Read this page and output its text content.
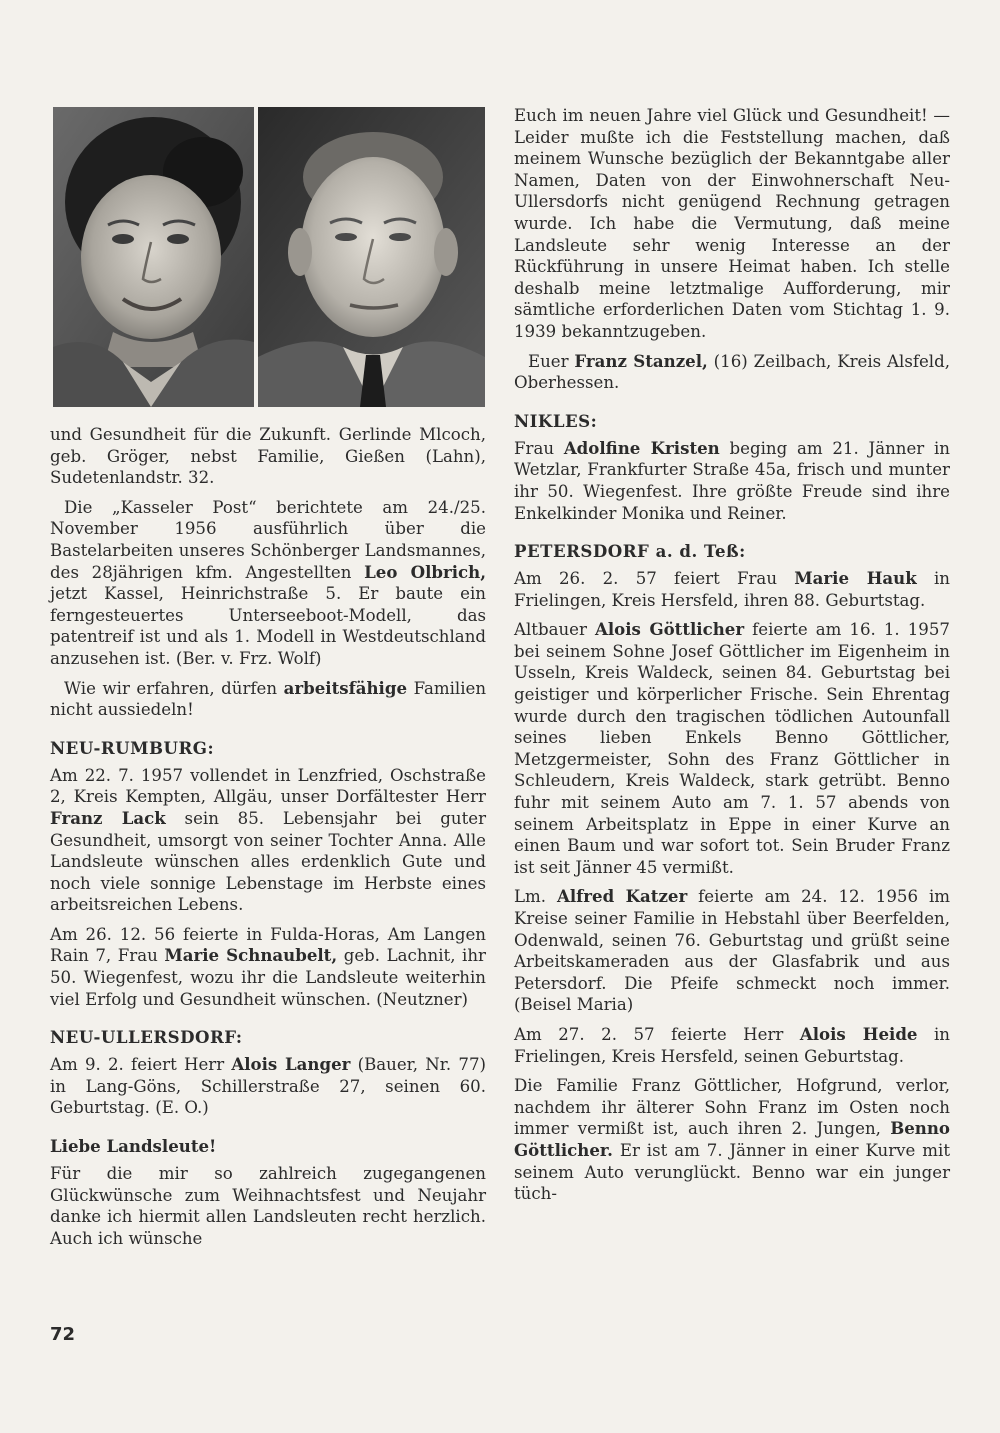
und Gesundheit für die Zukunft. Gerlinde Mlcoch, geb. Gröger, nebst Familie, Gießen (Lahn), Sudetenlandstr. 32.

Die „Kasseler Post“ berichtete am 24./25. November 1956 ausführlich über die Bastelarbeiten unseres Schönberger Landsmannes, des 28jährigen kfm. Angestellten Leo Olbrich, jetzt Kassel, Heinrichstraße 5. Er baute ein ferngesteuertes Unterseeboot-Modell, das patentreif ist und als 1. Modell in Westdeutschland anzusehen ist. (Ber. v. Frz. Wolf)

Wie wir erfahren, dürfen arbeitsfähige Familien nicht aussiedeln!

NEU-RUMBURG:

Am 22. 7. 1957 vollendet in Lenzfried, Oschstraße 2, Kreis Kempten, Allgäu, unser Dorfältester Herr Franz Lack sein 85. Lebensjahr bei guter Gesundheit, umsorgt von seiner Tochter Anna. Alle Landsleute wünschen alles erdenklich Gute und noch viele sonnige Lebenstage im Herbste eines arbeitsreichen Lebens.

Am 26. 12. 56 feierte in Fulda-Horas, Am Langen Rain 7, Frau Marie Schnaubelt, geb. Lachnit, ihr 50. Wiegenfest, wozu ihr die Landsleute weiterhin viel Erfolg und Gesundheit wünschen. (Neutzner)

NEU-ULLERSDORF:

Am 9. 2. feiert Herr Alois Langer (Bauer, Nr. 77) in Lang-Göns, Schillerstraße 27, seinen 60. Geburtstag. (E. O.)

Liebe Landsleute!

Für die mir so zahlreich zugegangenen Glückwünsche zum Weihnachtsfest und Neujahr danke ich hiermit allen Landsleuten recht herzlich. Auch ich wünsche

Euch im neuen Jahre viel Glück und Gesundheit! — Leider mußte ich die Feststellung machen, daß meinem Wunsche bezüglich der Bekanntgabe aller Namen, Daten von der Einwohnerschaft Neu-Ullersdorfs nicht genügend Rechnung getragen wurde. Ich habe die Vermutung, daß meine Landsleute sehr wenig Interesse an der Rückführung in unsere Heimat haben. Ich stelle deshalb meine letztmalige Aufforderung, mir sämtliche erforderlichen Daten vom Stichtag 1. 9. 1939 bekanntzugeben.

Euer Franz Stanzel, (16) Zeilbach, Kreis Alsfeld, Oberhessen.

NIKLES:

Frau Adolfine Kristen beging am 21. Jänner in Wetzlar, Frankfurter Straße 45a, frisch und munter ihr 50. Wiegenfest. Ihre größte Freude sind ihre Enkelkinder Monika und Reiner.

PETERSDORF a. d. Teß:

Am 26. 2. 57 feiert Frau Marie Hauk in Frielingen, Kreis Hersfeld, ihren 88. Geburtstag.

Altbauer Alois Göttlicher feierte am 16. 1. 1957 bei seinem Sohne Josef Göttlicher im Eigenheim in Usseln, Kreis Waldeck, seinen 84. Geburtstag bei geistiger und körperlicher Frische. Sein Ehrentag wurde durch den tragischen tödlichen Autounfall seines lieben Enkels Benno Göttlicher, Metzgermeister, Sohn des Franz Göttlicher in Schleudern, Kreis Waldeck, stark getrübt. Benno fuhr mit seinem Auto am 7. 1. 57 abends von seinem Arbeitsplatz in Eppe in einer Kurve an einen Baum und war sofort tot. Sein Bruder Franz ist seit Jänner 45 vermißt.

Lm. Alfred Katzer feierte am 24. 12. 1956 im Kreise seiner Familie in Hebstahl über Beerfelden, Odenwald, seinen 76. Geburtstag und grüßt seine Arbeitskameraden aus der Glasfabrik und aus Petersdorf. Die Pfeife schmeckt noch immer. (Beisel Maria)

Am 27. 2. 57 feierte Herr Alois Heide in Frielingen, Kreis Hersfeld, seinen Geburtstag.

Die Familie Franz Göttlicher, Hofgrund, verlor, nachdem ihr älterer Sohn Franz im Osten noch immer vermißt ist, auch ihren 2. Jungen, Benno Göttlicher. Er ist am 7. Jänner in einer Kurve mit seinem Auto verunglückt. Benno war ein junger tüch-

72
